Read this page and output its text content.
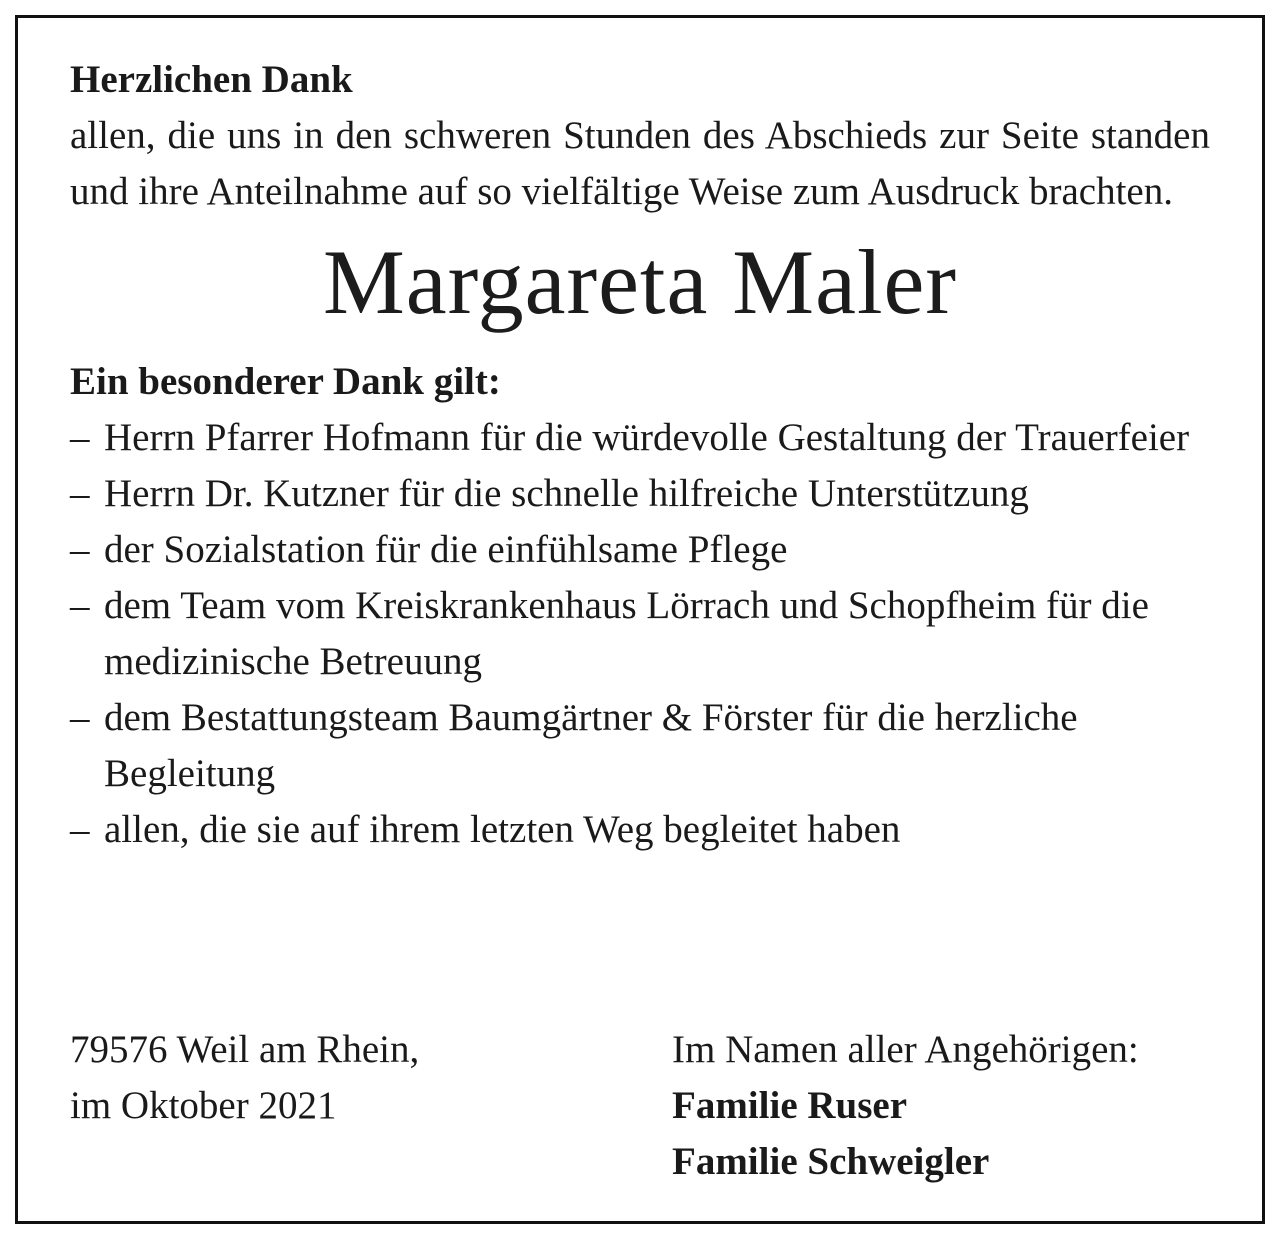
Herzlichen Dank
allen, die uns in den schweren Stunden des Abschieds zur Seite standen und ihre Anteilnahme auf so vielfältige Weise zum Ausdruck brachten.
Margareta Maler
Ein besonderer Dank gilt:
– Herrn Pfarrer Hofmann für die würdevolle Gestaltung der Trauerfeier
– Herrn Dr. Kutzner für die schnelle hilfreiche Unterstützung
– der Sozialstation für die einfühlsame Pflege
– dem Team vom Kreiskrankenhaus Lörrach und Schopfheim für die medizinische Betreuung
– dem Bestattungsteam Baumgärtner & Förster für die herzliche Begleitung
– allen, die sie auf ihrem letzten Weg begleitet haben
79576 Weil am Rhein,
im Oktober 2021
Im Namen aller Angehörigen:
Familie Ruser
Familie Schweigler
